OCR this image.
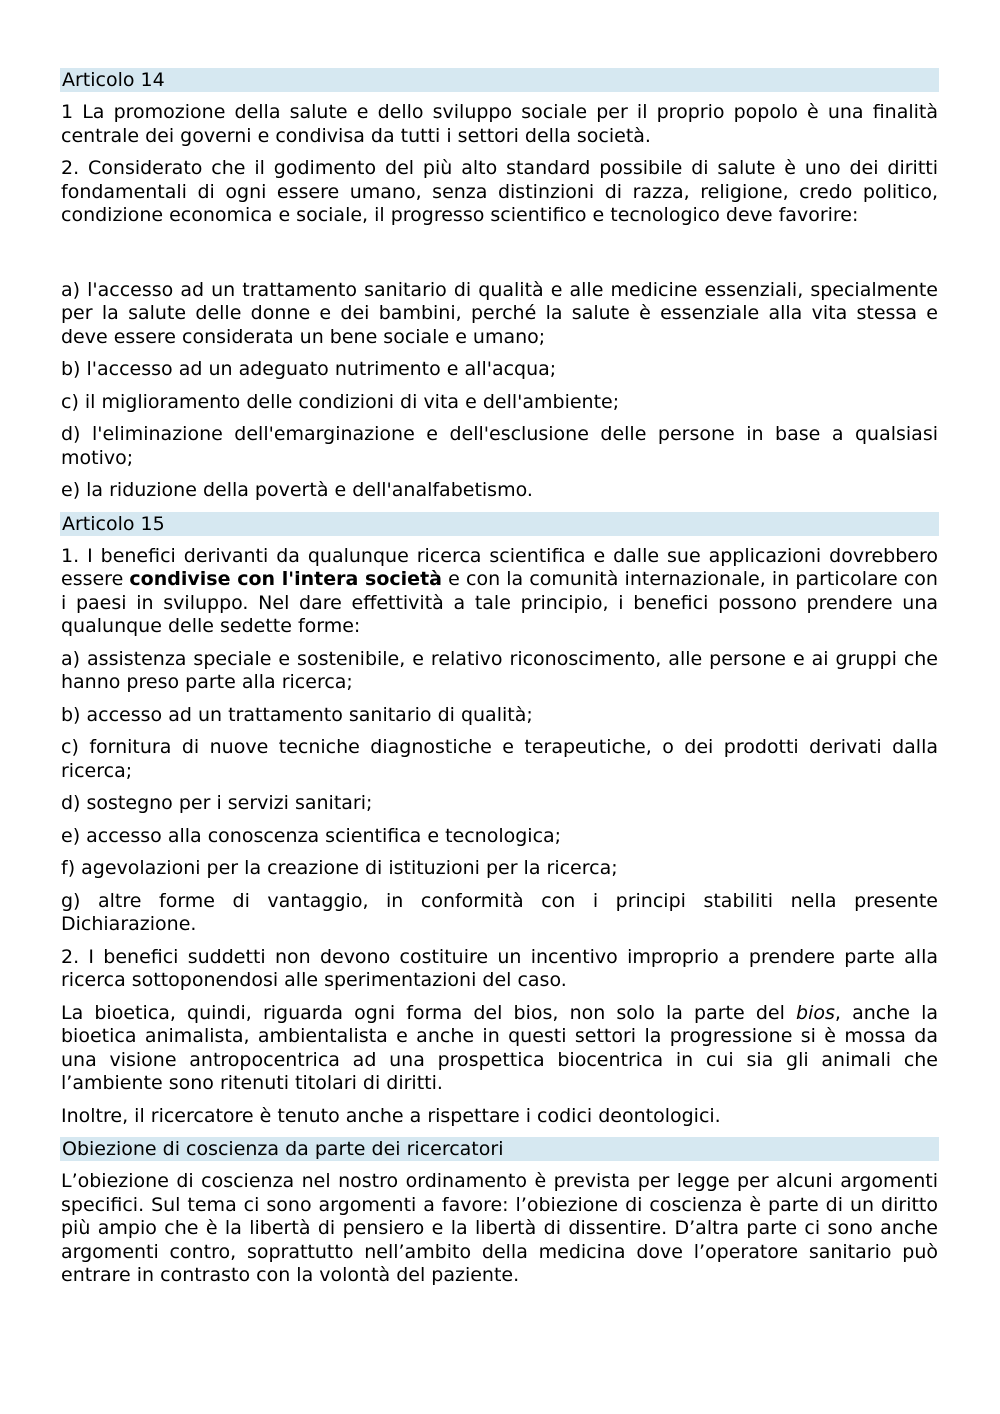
Articolo 14

1 La promozione della salute e dello sviluppo sociale per il proprio popolo è una finalità centrale dei governi e condivisa da tutti i settori della società.

2. Considerato che il godimento del più alto standard possibile di salute è uno dei diritti fondamentali di ogni essere umano, senza distinzioni di razza, religione, credo politico, condizione economica e sociale, il progresso scientifico e tecnologico deve favorire:

a) l'accesso ad un trattamento sanitario di qualità e alle medicine essenziali, specialmente per la salute delle donne e dei bambini, perché la salute è essenziale alla vita stessa e deve essere considerata un bene sociale e umano;

b) l'accesso ad un adeguato nutrimento e all'acqua;

c) il miglioramento delle condizioni di vita e dell'ambiente;

d) l'eliminazione dell'emarginazione e dell'esclusione delle persone in base a qualsiasi motivo;

e) la riduzione della povertà e dell'analfabetismo.

Articolo 15

1. I benefici derivanti da qualunque ricerca scientifica e dalle sue applicazioni dovrebbero essere condivise con l'intera società e con la comunità internazionale, in particolare con i paesi in sviluppo. Nel dare effettività a tale principio, i benefici possono prendere una qualunque delle sedette forme:

a) assistenza speciale e sostenibile, e relativo riconoscimento, alle persone e ai gruppi che hanno preso parte alla ricerca;

b) accesso ad un trattamento sanitario di qualità;

c) fornitura di nuove tecniche diagnostiche e terapeutiche, o dei prodotti derivati dalla ricerca;

d) sostegno per i servizi sanitari;

e) accesso alla conoscenza scientifica e tecnologica;

f) agevolazioni per la creazione di istituzioni per la ricerca;

g) altre forme di vantaggio, in conformità con i principi stabiliti nella presente Dichiarazione.

2. I benefici suddetti non devono costituire un incentivo improprio a prendere parte alla ricerca sottoponendosi alle sperimentazioni del caso.

La bioetica, quindi, riguarda ogni forma del bios, non solo la parte del bios, anche la bioetica animalista, ambientalista e anche in questi settori la progressione si è mossa da una visione antropocentrica ad una prospettica biocentrica in cui sia gli animali che l’ambiente sono ritenuti titolari di diritti.

Inoltre, il ricercatore è tenuto anche a rispettare i codici deontologici.

Obiezione di coscienza da parte dei ricercatori

L’obiezione di coscienza nel nostro ordinamento è prevista per legge per alcuni argomenti specifici. Sul tema ci sono argomenti a favore: l’obiezione di coscienza è parte di un diritto più ampio che è la libertà di pensiero e la libertà di dissentire. D’altra parte ci sono anche argomenti contro, soprattutto nell’ambito della medicina dove l’operatore sanitario può entrare in contrasto con la volontà del paziente.
